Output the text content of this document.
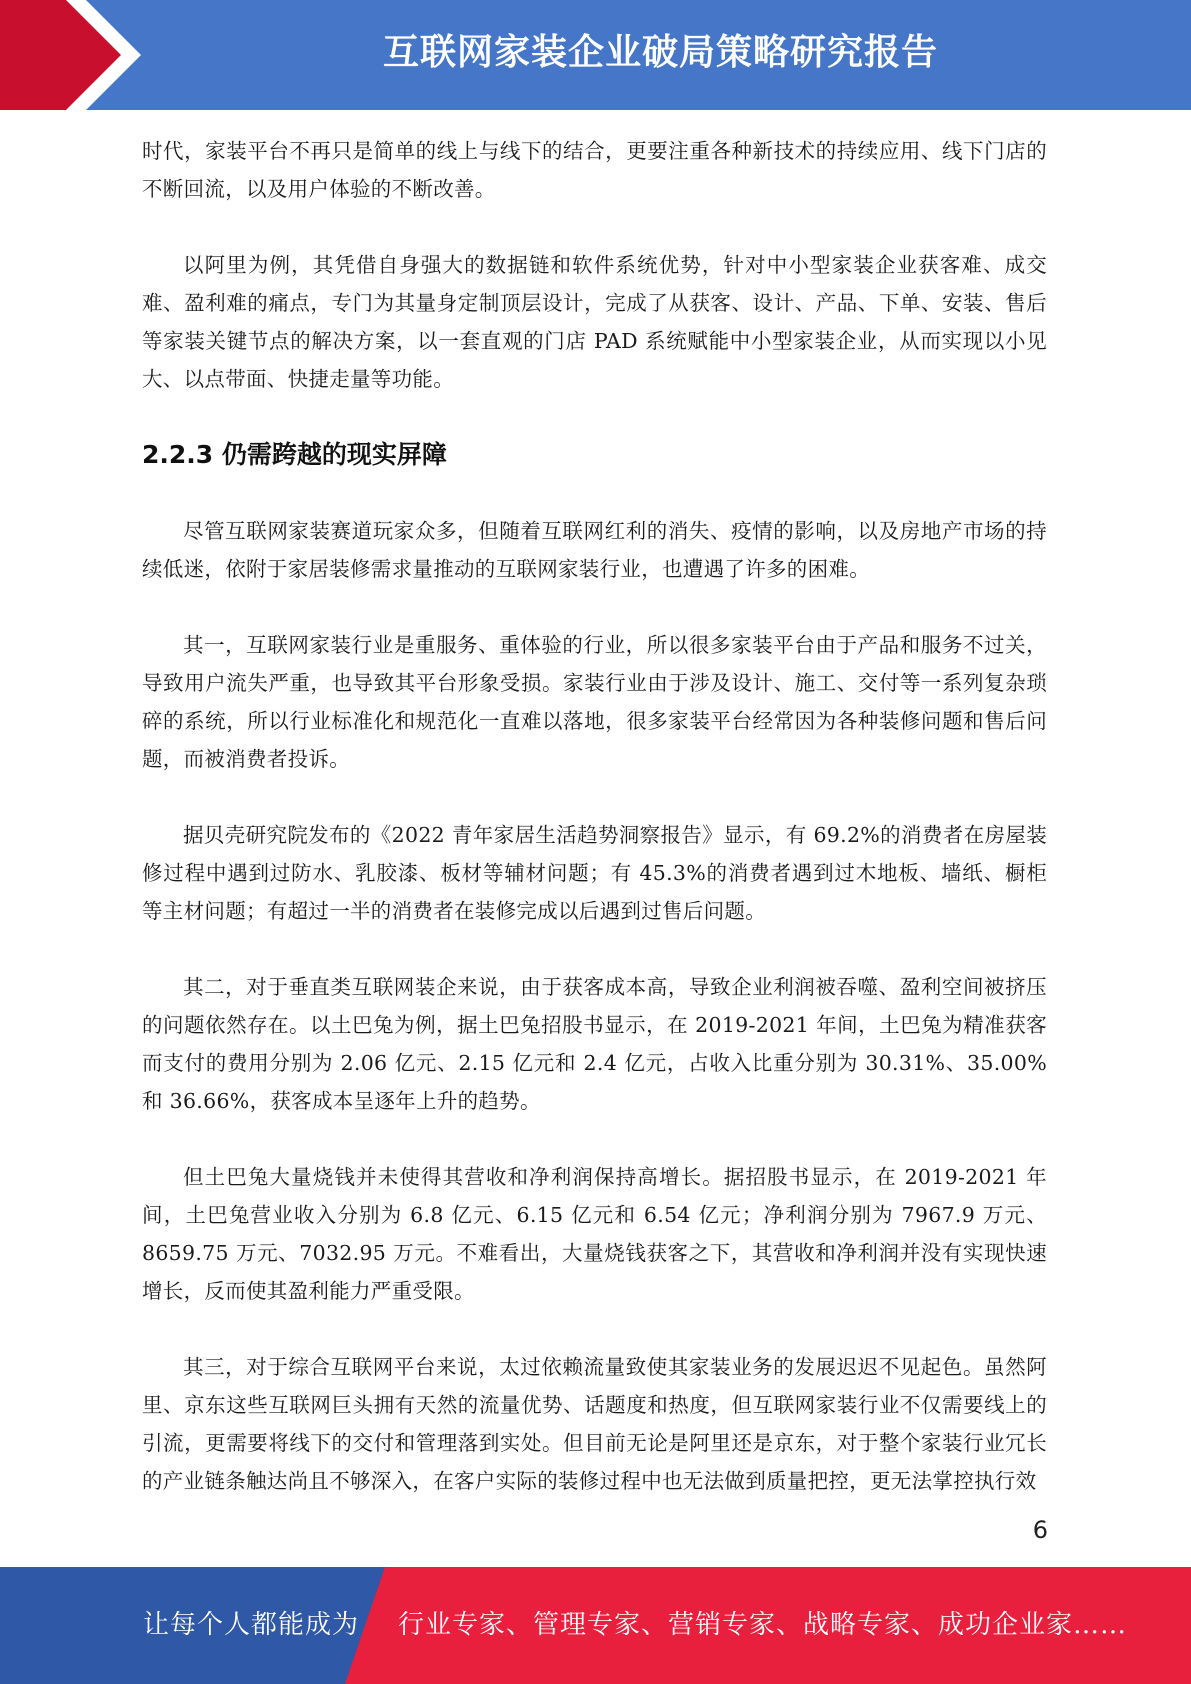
互联网家装企业破局策略研究报告

时代，家装平台不再只是简单的线上与线下的结合，更要注重各种新技术的持续应用、线下门店的不断回流，以及用户体验的不断改善。

以阿里为例，其凭借自身强大的数据链和软件系统优势，针对中小型家装企业获客难、成交难、盈利难的痛点，专门为其量身定制顶层设计，完成了从获客、设计、产品、下单、安装、售后等家装关键节点的解决方案，以一套直观的门店 PAD 系统赋能中小型家装企业，从而实现以小见大、以点带面、快捷走量等功能。

2.2.3 仍需跨越的现实屏障

尽管互联网家装赛道玩家众多，但随着互联网红利的消失、疫情的影响，以及房地产市场的持续低迷，依附于家居装修需求量推动的互联网家装行业，也遭遇了许多的困难。

其一，互联网家装行业是重服务、重体验的行业，所以很多家装平台由于产品和服务不过关，导致用户流失严重，也导致其平台形象受损。家装行业由于涉及设计、施工、交付等一系列复杂琐碎的系统，所以行业标准化和规范化一直难以落地，很多家装平台经常因为各种装修问题和售后问题，而被消费者投诉。

据贝壳研究院发布的《2022 青年家居生活趋势洞察报告》显示，有 69.2%的消费者在房屋装修过程中遇到过防水、乳胶漆、板材等辅材问题；有 45.3%的消费者遇到过木地板、墙纸、橱柜等主材问题；有超过一半的消费者在装修完成以后遇到过售后问题。

其二，对于垂直类互联网装企来说，由于获客成本高，导致企业利润被吞噬、盈利空间被挤压的问题依然存在。以土巴兔为例，据土巴兔招股书显示，在 2019-2021 年间，土巴兔为精准获客而支付的费用分别为 2.06 亿元、2.15 亿元和 2.4 亿元，占收入比重分别为 30.31%、35.00%和 36.66%，获客成本呈逐年上升的趋势。

但土巴兔大量烧钱并未使得其营收和净利润保持高增长。据招股书显示，在 2019-2021 年间，土巴兔营业收入分别为 6.8 亿元、6.15 亿元和 6.54 亿元；净利润分别为 7967.9 万元、8659.75 万元、7032.95 万元。不难看出，大量烧钱获客之下，其营收和净利润并没有实现快速增长，反而使其盈利能力严重受限。

其三，对于综合互联网平台来说，太过依赖流量致使其家装业务的发展迟迟不见起色。虽然阿里、京东这些互联网巨头拥有天然的流量优势、话题度和热度，但互联网家装行业不仅需要线上的引流，更需要将线下的交付和管理落到实处。但目前无论是阿里还是京东，对于整个家装行业冗长的产业链条触达尚且不够深入，在客户实际的装修过程中也无法做到质量把控，更无法掌控执行效

6
让每个人都能成为 行业专家、管理专家、营销专家、战略专家、成功企业家……
